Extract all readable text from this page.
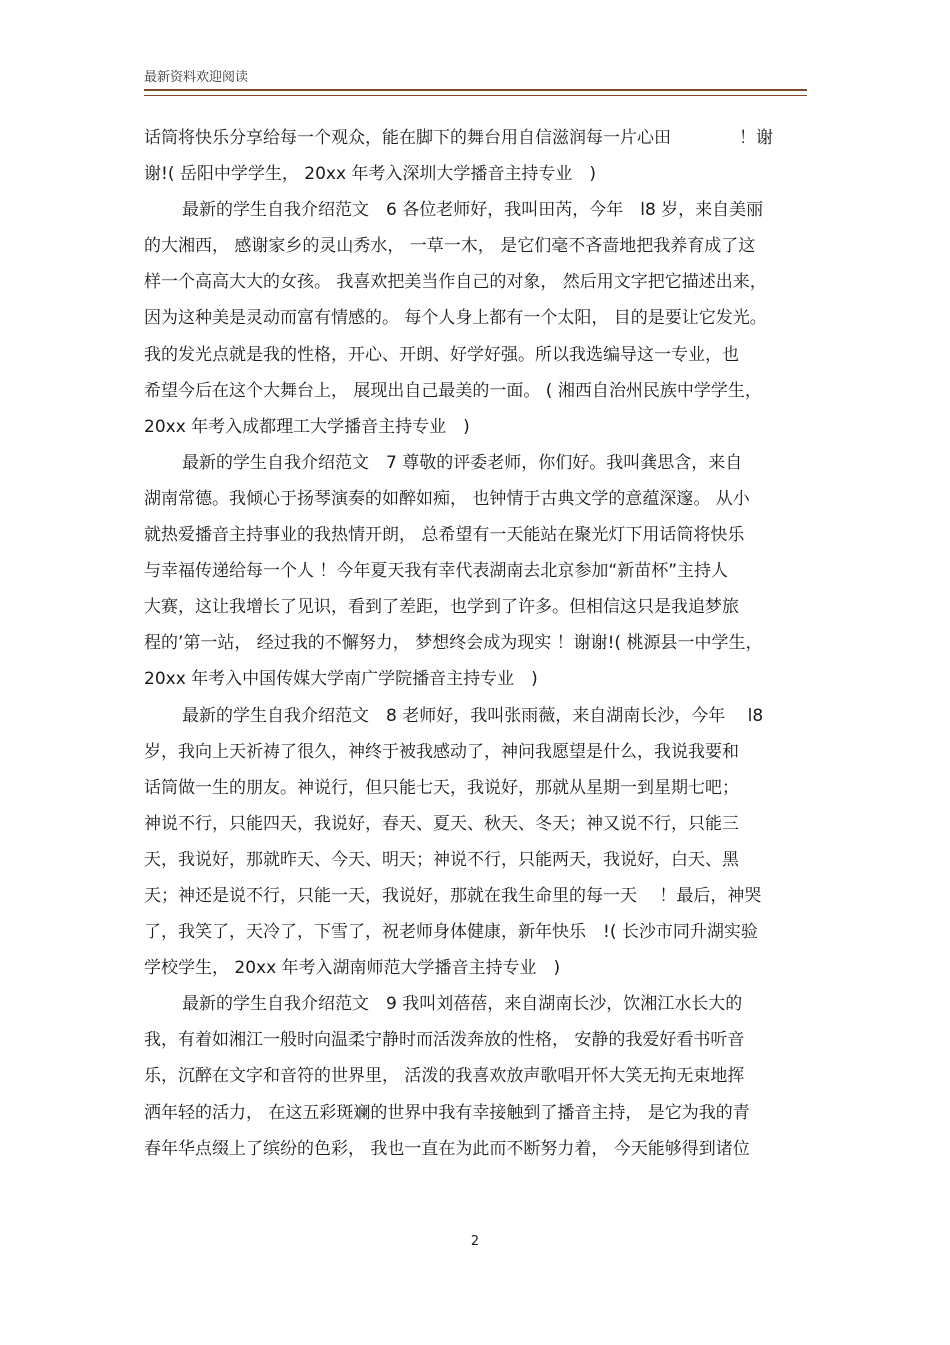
最新资料欢迎阅读
话筒将快乐分享给每一个观众，能在脚下的舞台用自信滋润每一片心田　　　　！谢
谢!( 岳阳中学学生， 20xx 年考入深圳大学播音主持专业　)
最新的学生自我介绍范文　6 各位老师好，我叫田芮，今年　l8 岁，来自美丽
的大湘西， 感谢家乡的灵山秀水， 一草一木， 是它们毫不吝啬地把我养育成了这
样一个高高大大的女孩。 我喜欢把美当作自己的对象， 然后用文字把它描述出来，
因为这种美是灵动而富有情感的。 每个人身上都有一个太阳， 目的是要让它发光。
我的发光点就是我的性格，开心、开朗、好学好强。所以我选编导这一专业，也
希望今后在这个大舞台上， 展现出自己最美的一面。 ( 湘西自治州民族中学学生，
20xx 年考入成都理工大学播音主持专业　)
最新的学生自我介绍范文　7 尊敬的评委老师，你们好。我叫龚思含，来自
湖南常德。我倾心于扬琴演奏的如醉如痴， 也钟情于古典文学的意蕴深邃。 从小
就热爱播音主持事业的我热情开朗， 总希望有一天能站在聚光灯下用话筒将快乐
与幸福传递给每一个人 ！今年夏天我有幸代表湖南去北京参加“新苗杯”主持人
大赛，这让我增长了见识，看到了差距，也学到了许多。但相信这只是我追梦旅
程的’第一站， 经过我的不懈努力， 梦想终会成为现实 ！谢谢!( 桃源县一中学生，
20xx 年考入中国传媒大学南广学院播音主持专业　)
最新的学生自我介绍范文　8 老师好，我叫张雨薇，来自湖南长沙，今年　 l8
岁，我向上天祈祷了很久，神终于被我感动了，神问我愿望是什么，我说我要和
话筒做一生的朋友。神说行，但只能七天，我说好，那就从星期一到星期七吧；
神说不行，只能四天，我说好，春天、夏天、秋天、冬天；神又说不行，只能三
天，我说好，那就昨天、今天、明天；神说不行，只能两天，我说好，白天、黑
天；神还是说不行，只能一天，我说好，那就在我生命里的每一天　 ！最后，神哭
了，我笑了，天冷了，下雪了，祝老师身体健康，新年快乐　!( 长沙市同升湖实验
学校学生， 20xx 年考入湖南师范大学播音主持专业　)
最新的学生自我介绍范文　9 我叫刘蓓蓓，来自湖南长沙，饮湘江水长大的
我，有着如湘江一般时向温柔宁静时而活泼奔放的性格， 安静的我爱好看书听音
乐，沉醉在文字和音符的世界里， 活泼的我喜欢放声歌唱开怀大笑无拘无束地挥
洒年轻的活力， 在这五彩斑斓的世界中我有幸接触到了播音主持， 是它为我的青
春年华点缀上了缤纷的色彩， 我也一直在为此而不断努力着， 今天能够得到诸位
2
